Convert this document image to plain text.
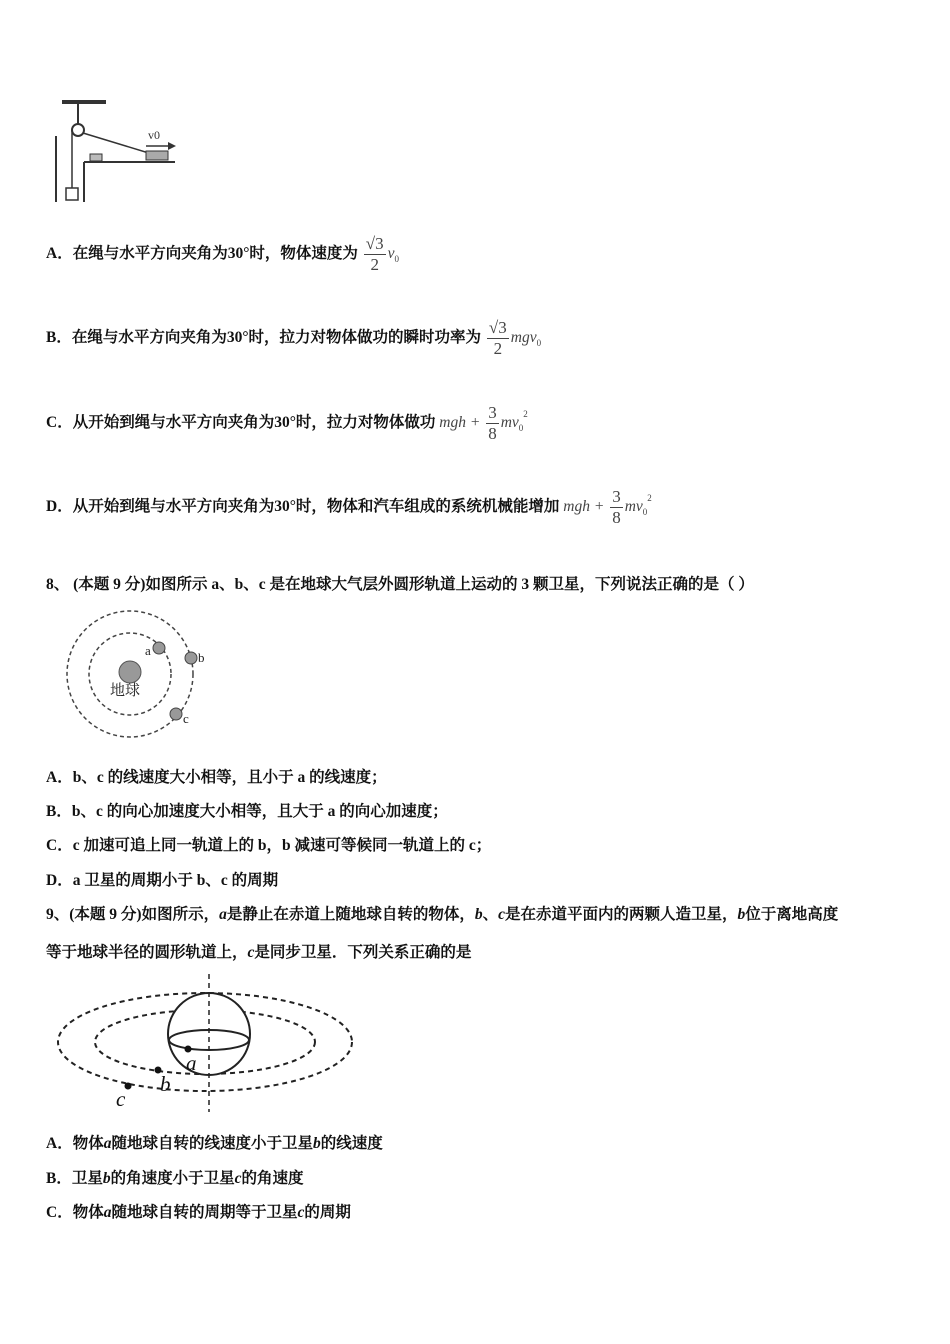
v0
A．在绳与水平方向夹角为30°时，物体速度为 $\frac{√3}{2} v_0$
B．在绳与水平方向夹角为30°时，拉力对物体做功的瞬时功率为 $\frac{√3}{2} mgv_0$
C．从开始到绳与水平方向夹角为30°时，拉力对物体做功 mgh + $\frac{3}{8} mv_0^2$
D．从开始到绳与水平方向夹角为30°时，物体和汽车组成的系统机械能增加 mgh + $\frac{3}{8} mv_0^2$
8、 (本题 9 分)如图所示 a、b、c 是在地球大气层外圆形轨道上运动的 3 颗卫星，下列说法正确的是（ ）
地球
a	b
c
A．b、c 的线速度大小相等，且小于 a 的线速度；
B．b、c 的向心加速度大小相等，且大于 a 的向心加速度；
C．c 加速可追上同一轨道上的 b，b 减速可等候同一轨道上的 c；
D．a 卫星的周期小于 b、c 的周期
9、(本题 9 分)如图所示，a是静止在赤道上随地球自转的物体，b、c是在赤道平面内的两颗人造卫星，b位于离地高度
等于地球半径的圆形轨道上，c是同步卫星．下列关系正确的是
a
b
c
A．物体a随地球自转的线速度小于卫星b的线速度
B．卫星b的角速度小于卫星c的角速度
C．物体a随地球自转的周期等于卫星c的周期
